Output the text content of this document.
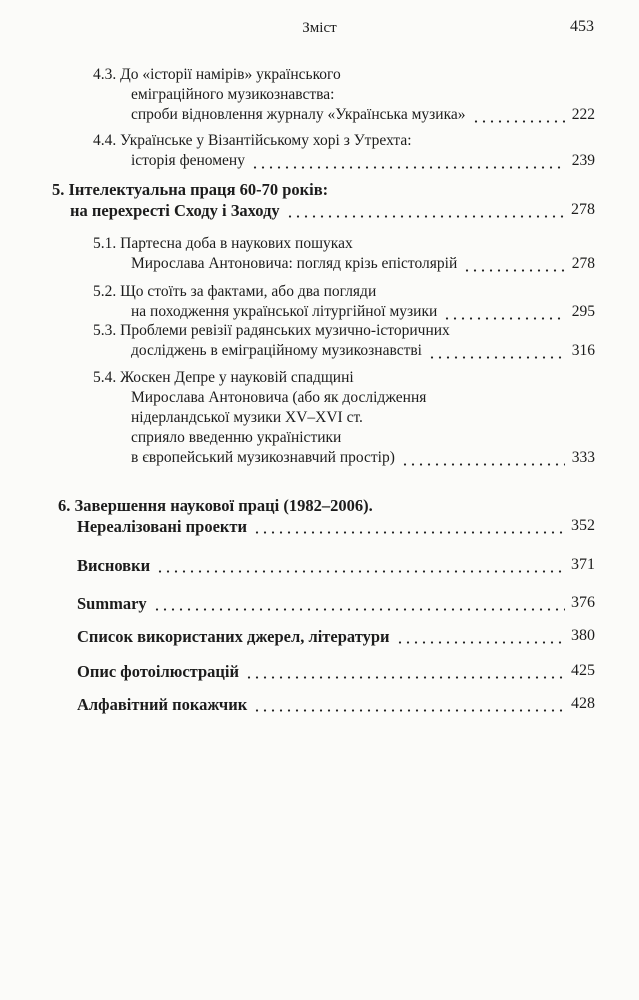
Зміст	453
4.3. До «історії намірів» українського
еміграційного музикознавства:
спроби відновлення журналу «Українська музика»	222
4.4. Українське у Візантійському хорі з Утрехта:
історія феномену	239
5. Інтелектуальна праця 60-70 років:
на перехресті Сходу і Заходу	278
5.1. Партесна доба в наукових пошуках
Мирослава Антоновича: погляд крізь епістолярій	278
5.2. Що стоїть за фактами, або два погляди
на походження української літургійної музики	295
5.3. Проблеми ревізії радянських музично-історичних
досліджень в еміграційному музикознавстві	316
5.4. Жоскен Депре у науковій спадщині
Мирослава Антоновича (або як дослідження
нідерландської музики XV–XVI ст.
сприяло введенню україністики
в європейський музикознавчий простір)	333
6. Завершення наукової праці (1982–2006).
Нереалізовані проекти	352
Висновки	371
Summary	376
Список використаних джерел, літератури	380
Опис фотоілюстрацій	425
Алфавітний покажчик	428
